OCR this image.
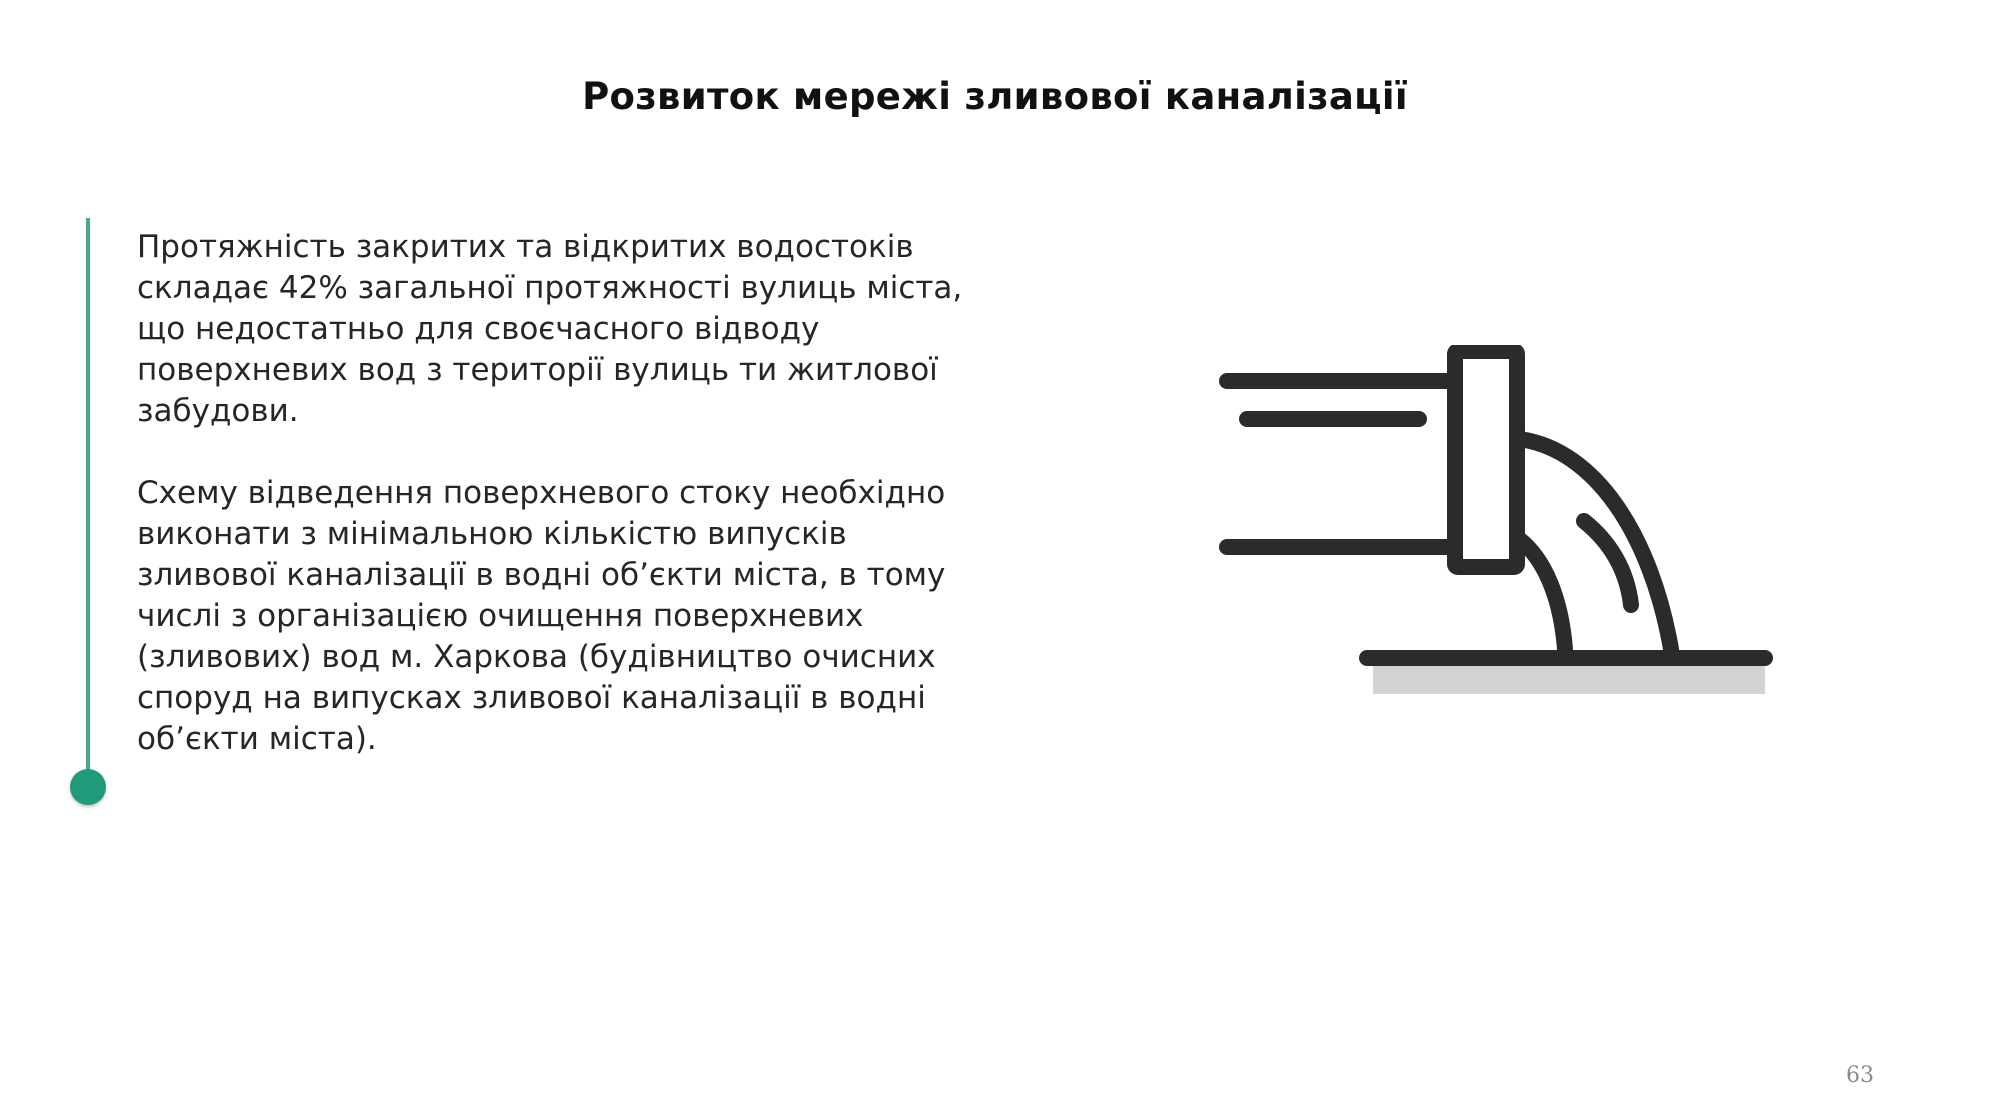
Розвиток мережі зливової каналізації

Протяжність закритих та відкритих водостоків
складає 42% загальної протяжності вулиць міста,
що недостатньо для своєчасного відводу
поверхневих вод з території вулиць ти житлової
забудови.

Схему відведення поверхневого стоку необхідно
виконати з мінімальною кількістю випусків
зливової каналізації в водні об’єкти міста, в тому
числі з організацією очищення поверхневих
(зливових) вод м. Харкова (будівництво очисних
споруд на випусках зливової каналізації в водні
об’єкти міста).

63
